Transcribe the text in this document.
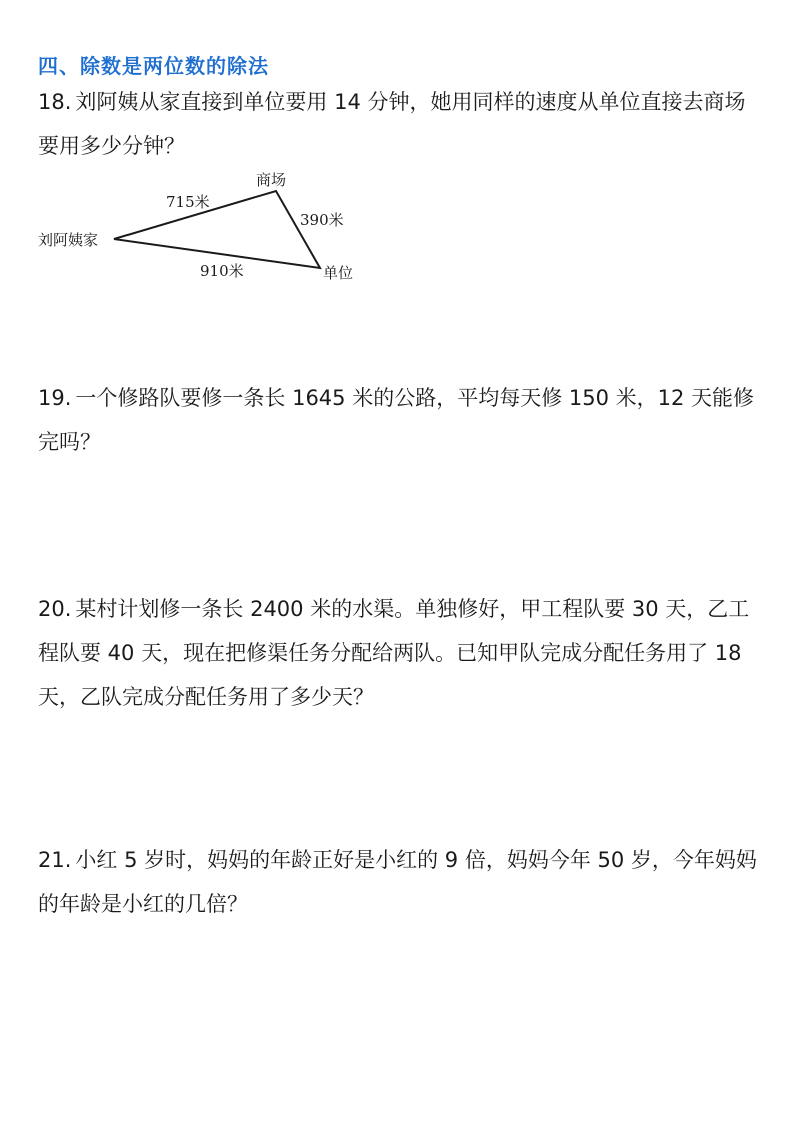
四、除数是两位数的除法
18. 刘阿姨从家直接到单位要用 14 分钟，她用同样的速度从单位直接去商场要用多少分钟？
刘阿姨家
商场
单位
715米
390米
910米
19. 一个修路队要修一条长 1645 米的公路，平均每天修 150 米，12 天能修完吗？
20. 某村计划修一条长 2400 米的水渠。单独修好，甲工程队要 30 天，乙工程队要 40 天，现在把修渠任务分配给两队。已知甲队完成分配任务用了 18 天，乙队完成分配任务用了多少天？
21. 小红 5 岁时，妈妈的年龄正好是小红的 9 倍，妈妈今年 50 岁，今年妈妈的年龄是小红的几倍？
